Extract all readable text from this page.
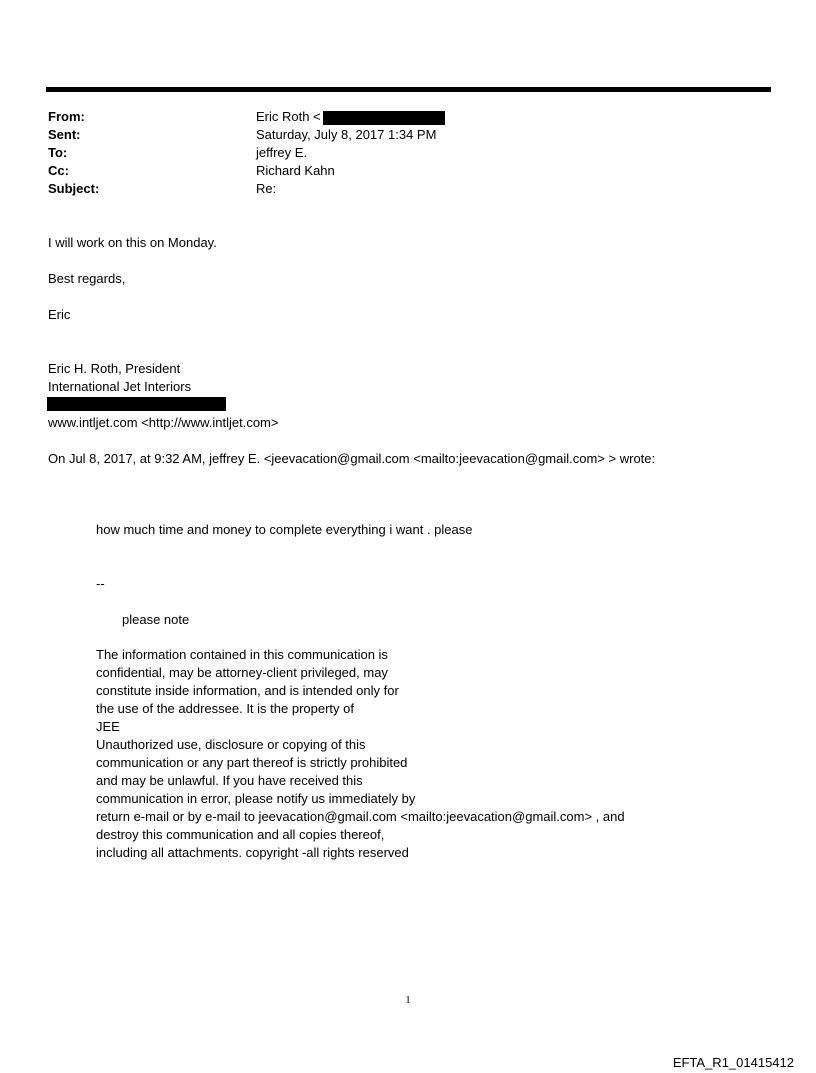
From:	Eric Roth <
Sent:	Saturday, July 8, 2017 1:34 PM
To:	jeffrey E.
Cc:	Richard Kahn
Subject:	Re:
I will work on this on Monday.
Best regards,
Eric
Eric H. Roth, President
International Jet Interiors
www.intljet.com <http://www.intljet.com>
On Jul 8, 2017, at 9:32 AM, jeffrey E. <jeevacation@gmail.com <mailto:jeevacation@gmail.com> > wrote:
how much time and money to complete everything i want . please
--
please note
The information contained in this communication is
confidential, may be attorney-client privileged, may
constitute inside information, and is intended only for
the use of the addressee. It is the property of
JEE
Unauthorized use, disclosure or copying of this
communication or any part thereof is strictly prohibited
and may be unlawful. If you have received this
communication in error, please notify us immediately by
return e-mail or by e-mail to jeevacation@gmail.com <mailto:jeevacation@gmail.com> , and
destroy this communication and all copies thereof,
including all attachments. copyright -all rights reserved
1
EFTA_R1_01415412
